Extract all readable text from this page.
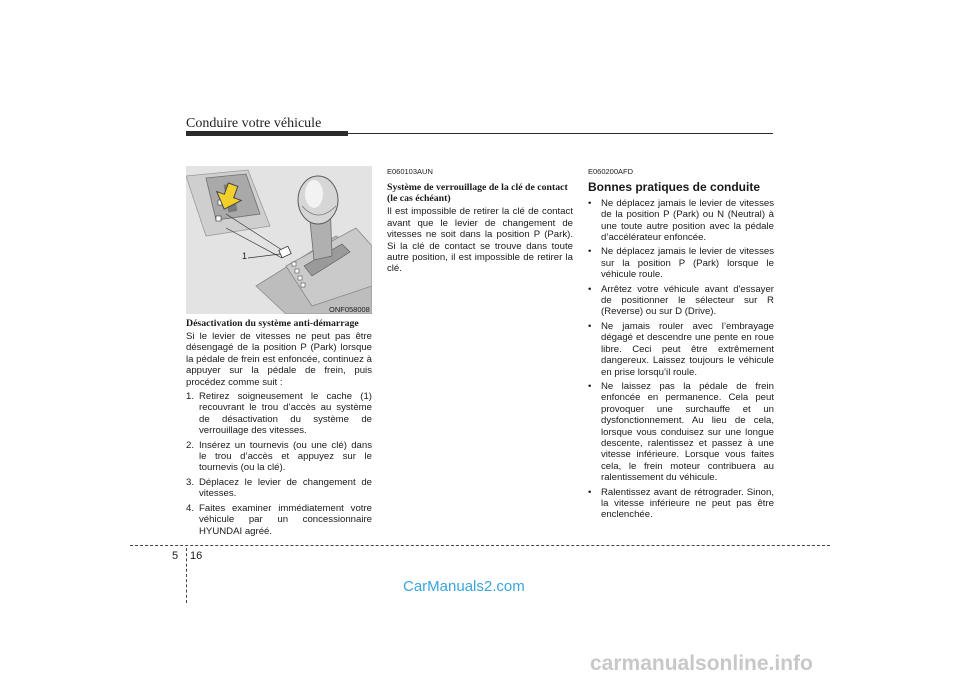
Conduire votre véhicule
1
ONF058008
Désactivation du système anti-démarrage

Si le levier de vitesses ne peut pas être désengagé de la position P (Park) lorsque la pédale de frein est enfoncée, continuez à appuyer sur la pédale de frein, puis procédez comme suit :

1. Retirez soigneusement le cache (1) recouvrant le trou d’accès au système de désactivation du système de verrouillage des vitesses.
2. Insérez un tournevis (ou une clé) dans le trou d’accès et appuyez sur le tournevis (ou la clé).
3. Déplacez le levier de changement de vitesses.
4. Faites examiner immédiatement votre véhicule par un concessionnaire HYUNDAI agréé.
E060103AUN
Système de verrouillage de la clé de contact (le cas échéant)

Il est impossible de retirer la clé de contact avant que le levier de changement de vitesses ne soit dans la position P (Park). Si la clé de contact se trouve dans toute autre position, il est impossible de retirer la clé.

E060200AFD
Bonnes pratiques de conduite
• Ne déplacez jamais le levier de vitesses de la position P (Park) ou N (Neutral) à une toute autre position avec la pédale d’accélérateur enfoncée.
• Ne déplacez jamais le levier de vitesses sur la position P (Park) lorsque le véhicule roule.
• Arrêtez votre véhicule avant d'essayer de positionner le sélecteur sur R (Reverse) ou sur D (Drive).
• Ne jamais rouler avec l’embrayage dégagé et descendre une pente en roue libre. Ceci peut être extrêmement dangereux. Laissez toujours le véhicule en prise lorsqu’il roule.
• Ne laissez pas la pédale de frein enfoncée en permanence. Cela peut provoquer une surchauffe et un dysfonctionnement. Au lieu de cela, lorsque vous conduisez sur une longue descente, ralentissez et passez à une vitesse inférieure. Lorsque vous faites cela, le frein moteur contribuera au ralentissement du véhicule.
• Ralentissez avant de rétrograder. Sinon, la vitesse inférieure ne peut pas être enclenchée.
5 16
CarManuals2.com
carmanualsonline.info
